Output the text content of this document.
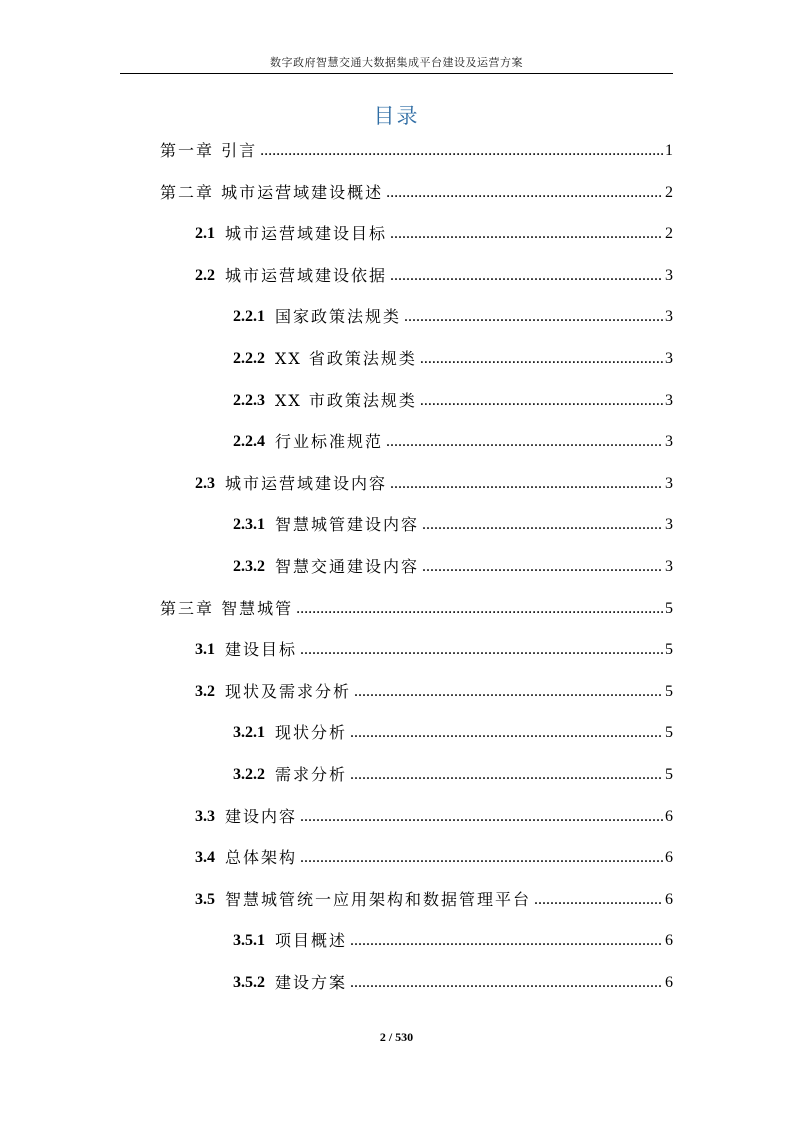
数字政府智慧交通大数据集成平台建设及运营方案
目录
第一章 引言 .....	1
第二章 城市运营域建设概述 .....	2
2.1 城市运营域建设目标 .....	2
2.2 城市运营域建设依据 .....	3
2.2.1 国家政策法规类 .....	3
2.2.2 XX 省政策法规类 .....	3
2.2.3 XX 市政策法规类 .....	3
2.2.4 行业标准规范 .....	3
2.3 城市运营域建设内容 .....	3
2.3.1 智慧城管建设内容 .....	3
2.3.2 智慧交通建设内容 .....	3
第三章 智慧城管 .....	5
3.1 建设目标 .....	5
3.2 现状及需求分析 .....	5
3.2.1 现状分析 .....	5
3.2.2 需求分析 .....	5
3.3 建设内容 .....	6
3.4 总体架构 .....	6
3.5 智慧城管统一应用架构和数据管理平台 .....	6
3.5.1 项目概述 .....	6
3.5.2 建设方案 .....	6
2 / 530
